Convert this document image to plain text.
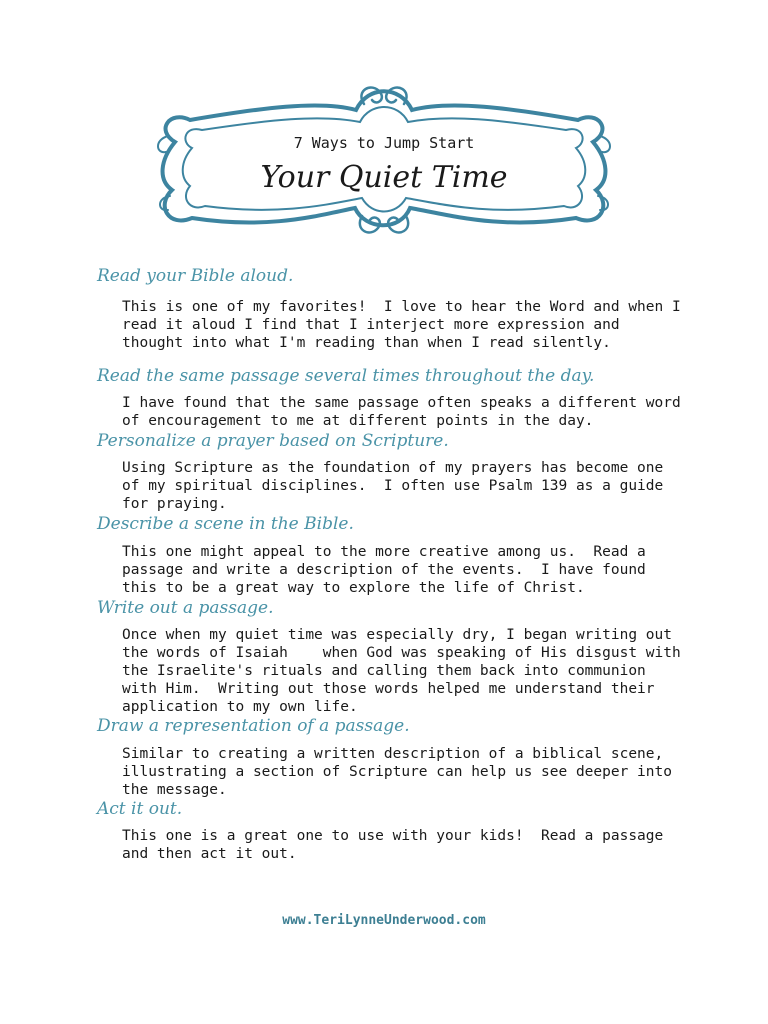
7 Ways to Jump Start
Your Quiet Time
Read your Bible aloud.
This is one of my favorites!  I love to hear the Word and when I
read it aloud I find that I interject more expression and
thought into what I'm reading than when I read silently.
Read the same passage several times throughout the day.
I have found that the same passage often speaks a different word
of encouragement to me at different points in the day.
Personalize a prayer based on Scripture.
Using Scripture as the foundation of my prayers has become one
of my spiritual disciplines.  I often use Psalm 139 as a guide
for praying.
Describe a scene in the Bible.
This one might appeal to the more creative among us.  Read a
passage and write a description of the events.  I have found
this to be a great way to explore the life of Christ.
Write out a passage.
Once when my quiet time was especially dry, I began writing out
the words of Isaiah    when God was speaking of His disgust with
the Israelite's rituals and calling them back into communion
with Him.  Writing out those words helped me understand their
application to my own life.
Draw a representation of a passage.
Similar to creating a written description of a biblical scene,
illustrating a section of Scripture can help us see deeper into
the message.
Act it out.
This one is a great one to use with your kids!  Read a passage
and then act it out.
www.TeriLynneUnderwood.com
